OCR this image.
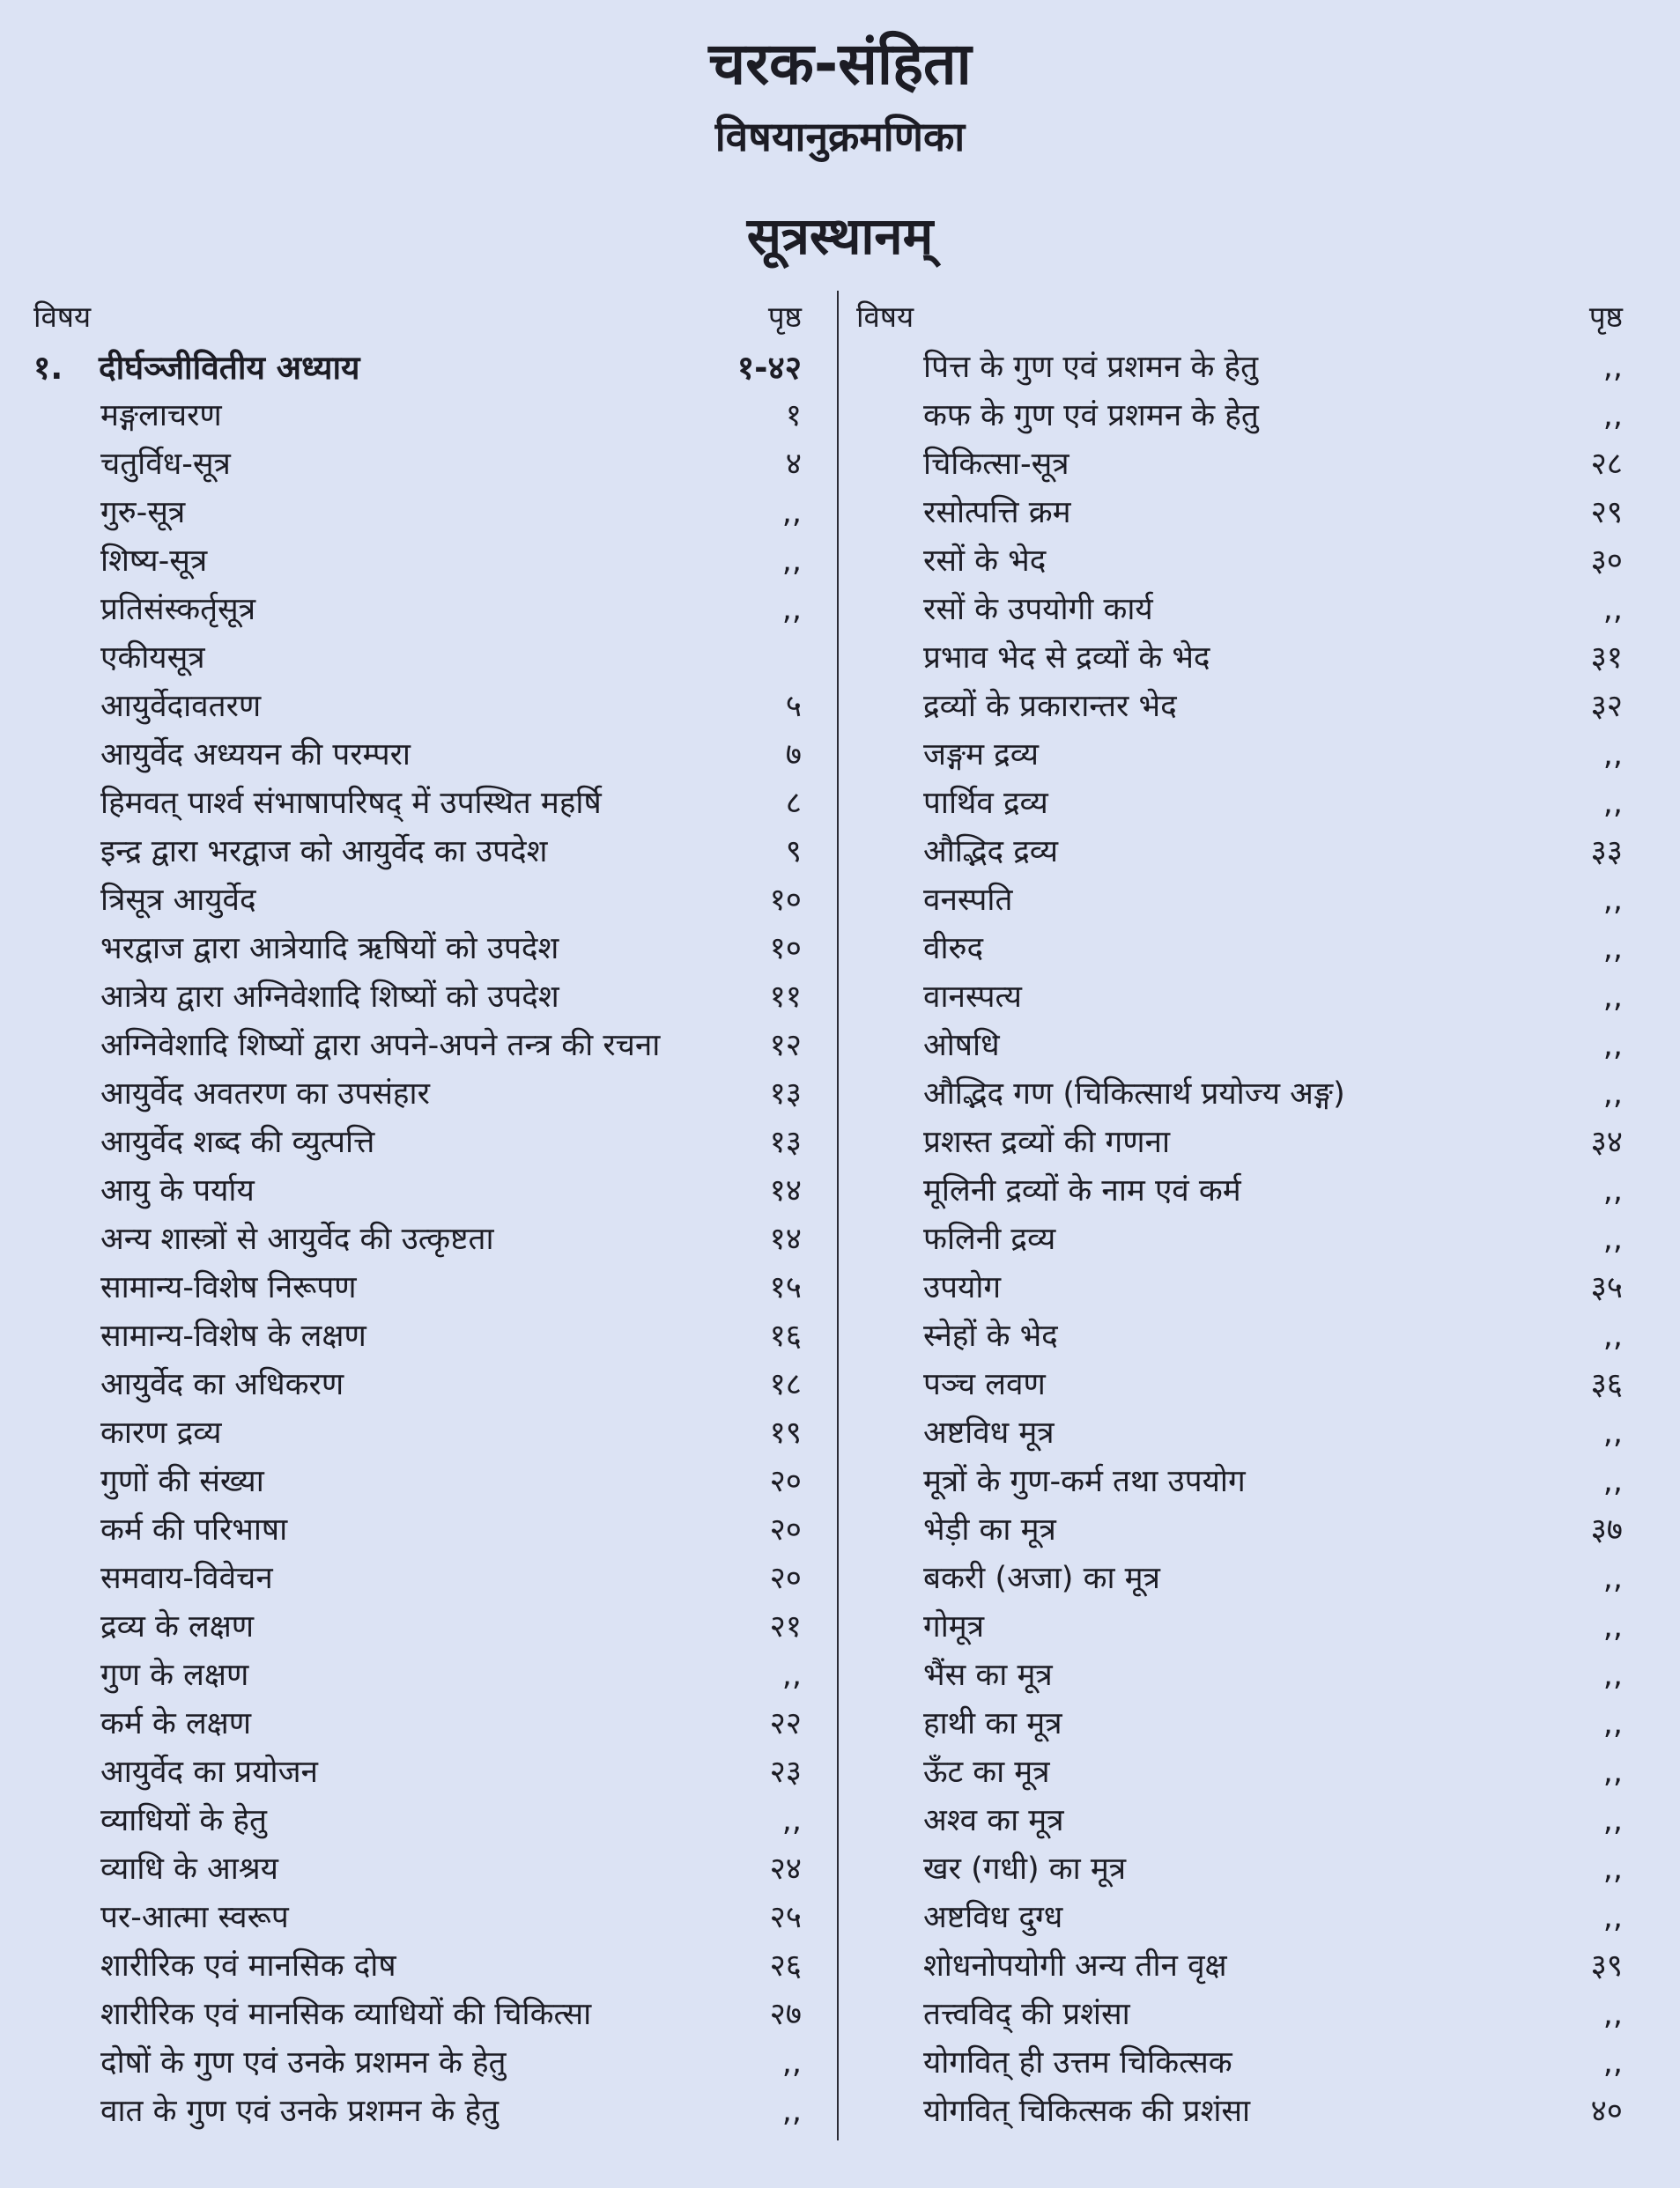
चरक-संहिता
विषयानुक्रमणिका
सूत्रस्थानम्
विषय	पृष्ठ
१. दीर्घञ्जीवितीय अध्याय	१-४२
मङ्गलाचरण	१
चतुर्विध-सूत्र	४
गुरु-सूत्र	,,
शिष्य-सूत्र	,,
प्रतिसंस्कर्तृसूत्र	,,
एकीयसूत्र
आयुर्वेदावतरण	५
आयुर्वेद अध्ययन की परम्परा	७
हिमवत् पार्श्व संभाषापरिषद् में उपस्थित महर्षि	८
इन्द्र द्वारा भरद्वाज को आयुर्वेद का उपदेश	९
त्रिसूत्र आयुर्वेद	१०
भरद्वाज द्वारा आत्रेयादि ऋषियों को उपदेश	१०
आत्रेय द्वारा अग्निवेशादि शिष्यों को उपदेश	११
अग्निवेशादि शिष्यों द्वारा अपने-अपने तन्त्र की रचना	१२
आयुर्वेद अवतरण का उपसंहार	१३
आयुर्वेद शब्द की व्युत्पत्ति	१३
आयु के पर्याय	१४
अन्य शास्त्रों से आयुर्वेद की उत्कृष्टता	१४
सामान्य-विशेष निरूपण	१५
सामान्य-विशेष के लक्षण	१६
आयुर्वेद का अधिकरण	१८
कारण द्रव्य	१९
गुणों की संख्या	२०
कर्म की परिभाषा	२०
समवाय-विवेचन	२०
द्रव्य के लक्षण	२१
गुण के लक्षण	,,
कर्म के लक्षण	२२
आयुर्वेद का प्रयोजन	२३
व्याधियों के हेतु	,,
व्याधि के आश्रय	२४
पर-आत्मा स्वरूप	२५
शारीरिक एवं मानसिक दोष	२६
शारीरिक एवं मानसिक व्याधियों की चिकित्सा	२७
दोषों के गुण एवं उनके प्रशमन के हेतु	,,
वात के गुण एवं उनके प्रशमन के हेतु	,,
विषय	पृष्ठ
पित्त के गुण एवं प्रशमन के हेतु	,,
कफ के गुण एवं प्रशमन के हेतु	,,
चिकित्सा-सूत्र	२८
रसोत्पत्ति क्रम	२९
रसों के भेद	३०
रसों के उपयोगी कार्य	,,
प्रभाव भेद से द्रव्यों के भेद	३१
द्रव्यों के प्रकारान्तर भेद	३२
जङ्गम द्रव्य	,,
पार्थिव द्रव्य	,,
औद्भिद द्रव्य	३३
वनस्पति	,,
वीरुद	,,
वानस्पत्य	,,
ओषधि	,,
औद्भिद गण (चिकित्सार्थ प्रयोज्य अङ्ग)	,,
प्रशस्त द्रव्यों की गणना	३४
मूलिनी द्रव्यों के नाम एवं कर्म	,,
फलिनी द्रव्य	,,
उपयोग	३५
स्नेहों के भेद	,,
पञ्च लवण	३६
अष्टविध मूत्र	,,
मूत्रों के गुण-कर्म तथा उपयोग	,,
भेड़ी का मूत्र	३७
बकरी (अजा) का मूत्र	,,
गोमूत्र	,,
भैंस का मूत्र	,,
हाथी का मूत्र	,,
ऊँट का मूत्र	,,
अश्व का मूत्र	,,
खर (गधी) का मूत्र	,,
अष्टविध दुग्ध	,,
शोधनोपयोगी अन्य तीन वृक्ष	३९
तत्त्वविद् की प्रशंसा	,,
योगवित् ही उत्तम चिकित्सक	,,
योगवित् चिकित्सक की प्रशंसा	४०
